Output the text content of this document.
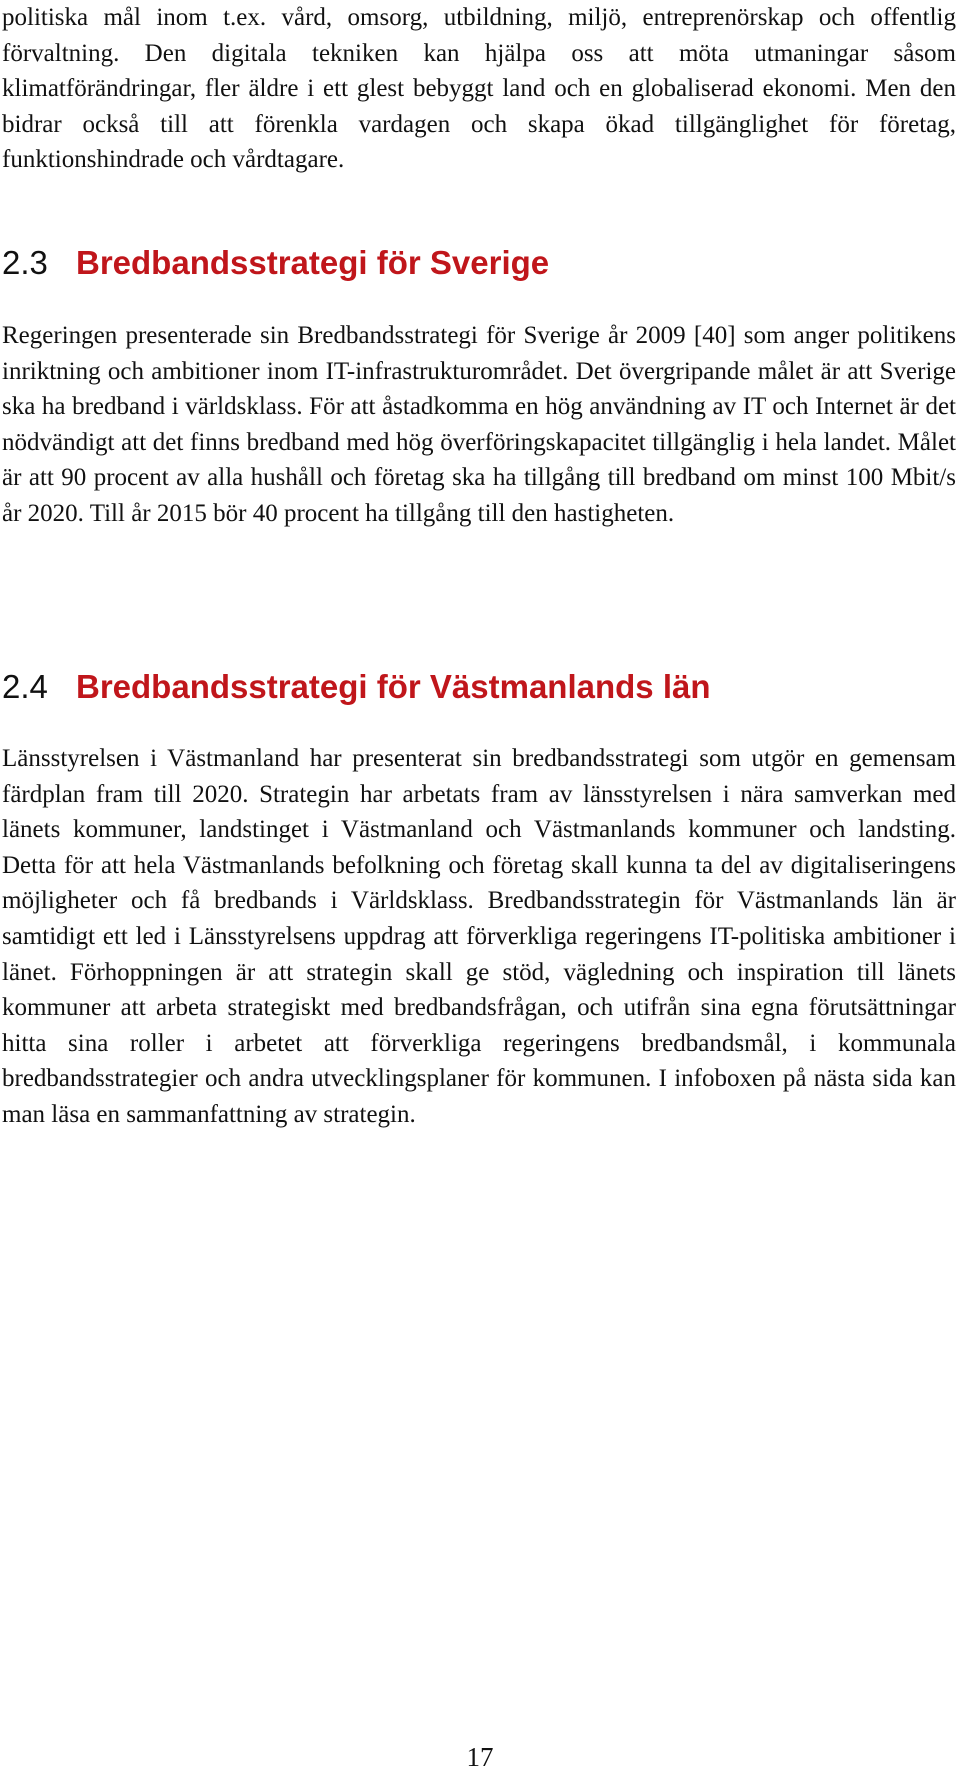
politiska mål inom t.ex. vård, omsorg, utbildning, miljö, entreprenörskap och offentlig förvaltning. Den digitala tekniken kan hjälpa oss att möta utmaningar såsom klimatförändringar, fler äldre i ett glest bebyggt land och en globaliserad ekonomi. Men den bidrar också till att förenkla vardagen och skapa ökad tillgänglighet för företag, funktionshindrade och vårdtagare.

2.3 Bredbandsstrategi för Sverige

Regeringen presenterade sin Bredbandsstrategi för Sverige år 2009 [40] som anger politikens inriktning och ambitioner inom IT-infrastrukturområdet. Det övergripande målet är att Sverige ska ha bredband i världsklass. För att åstadkomma en hög användning av IT och Internet är det nödvändigt att det finns bredband med hög överföringskapacitet tillgänglig i hela landet. Målet är att 90 procent av alla hushåll och företag ska ha tillgång till bredband om minst 100 Mbit/s år 2020. Till år 2015 bör 40 procent ha tillgång till den hastigheten.

2.4 Bredbandsstrategi för Västmanlands län

Länsstyrelsen i Västmanland har presenterat sin bredbandsstrategi som utgör en gemensam färdplan fram till 2020. Strategin har arbetats fram av länsstyrelsen i nära samverkan med länets kommuner, landstinget i Västmanland och Västmanlands kommuner och landsting. Detta för att hela Västmanlands befolkning och företag skall kunna ta del av digitaliseringens möjligheter och få bredbands i Världsklass. Bredbandsstrategin för Västmanlands län är samtidigt ett led i Länsstyrelsens uppdrag att förverkliga regeringens IT-politiska ambitioner i länet. Förhoppningen är att strategin skall ge stöd, vägledning och inspiration till länets kommuner att arbeta strategiskt med bredbandsfrågan, och utifrån sina egna förutsättningar hitta sina roller i arbetet att förverkliga regeringens bredbandsmål, i kommunala bredbandsstrategier och andra utvecklingsplaner för kommunen. I infoboxen på nästa sida kan man läsa en sammanfattning av strategin.

17
